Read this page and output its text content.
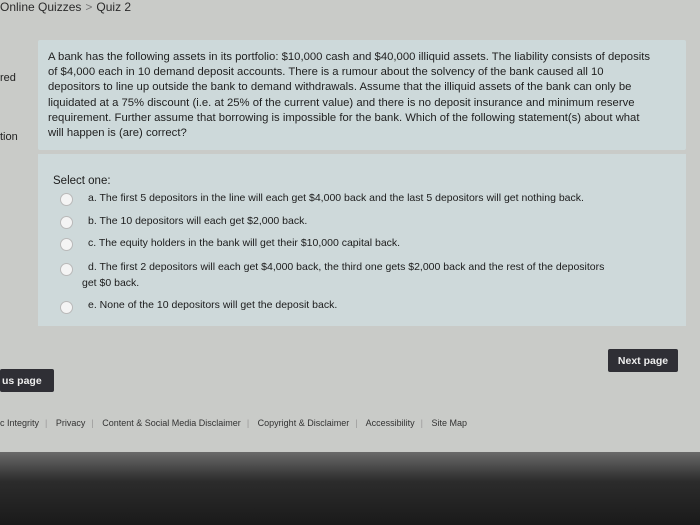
Online Quizzes > Quiz 2
red
tion
A bank has the following assets in its portfolio: $10,000 cash and $40,000 illiquid assets. The liability consists of deposits
of $4,000 each in 10 demand deposit accounts. There is a rumour about the solvency of the bank caused all 10
depositors to line up outside the bank to demand withdrawals. Assume that the illiquid assets of the bank can only be
liquidated at a 75% discount (i.e. at 25% of the current value) and there is no deposit insurance and minimum reserve
requirement. Further assume that borrowing is impossible for the bank. Which of the following statement(s) about what
will happen is (are) correct?
Select one:
a. The first 5 depositors in the line will each get $4,000 back and the last 5 depositors will get nothing back.
b. The 10 depositors will each get $2,000 back.
c. The equity holders in the bank will get their $10,000 capital back.
d. The first 2 depositors will each get $4,000 back, the third one gets $2,000 back and the rest of the depositors
get $0 back.
e. None of the 10 depositors will get the deposit back.
Next page
us page
c Integrity | Privacy | Content & Social Media Disclaimer | Copyright & Disclaimer | Accessibility | Site Map
